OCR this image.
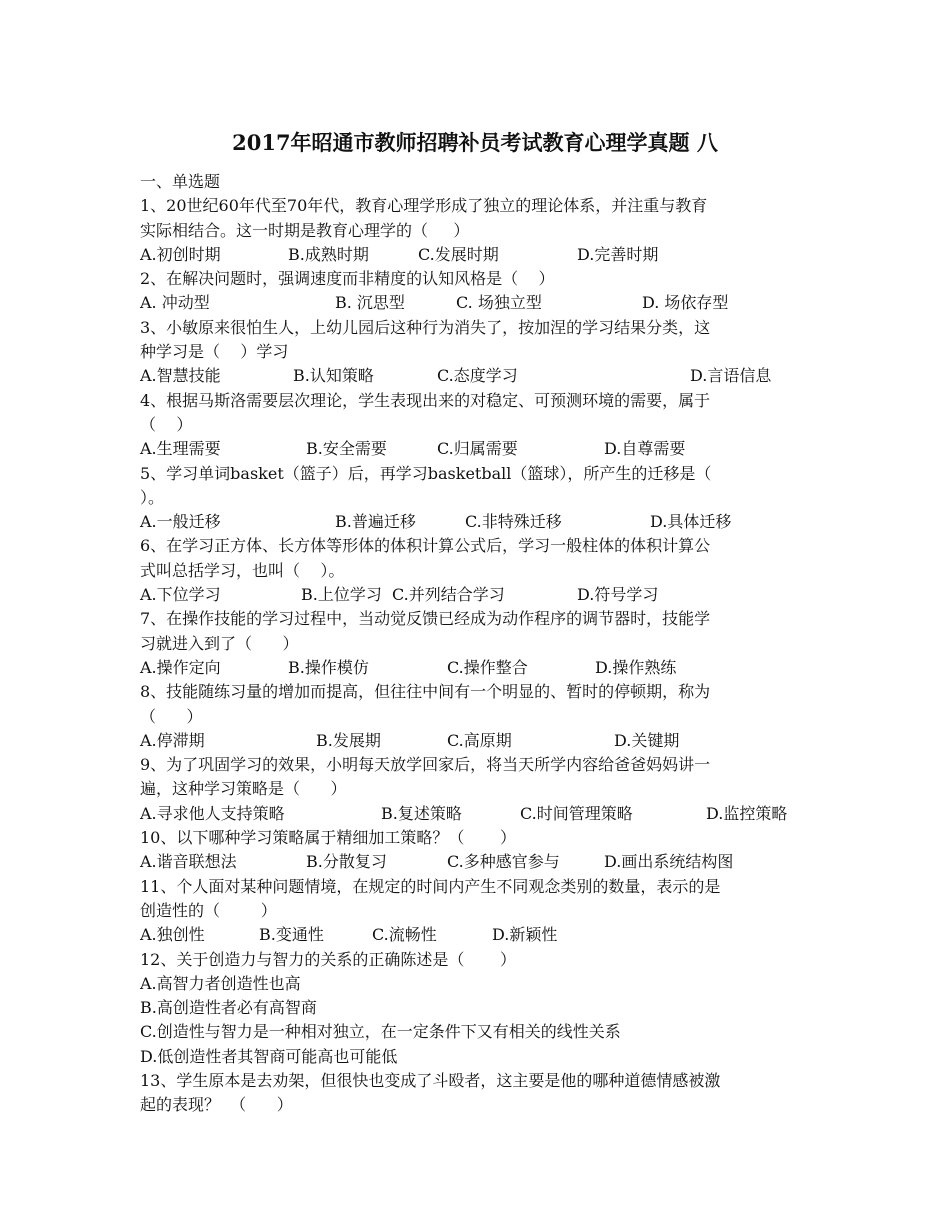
2017年昭通市教师招聘补员考试教育心理学真题 八
一、单选题
1、20世纪60年代至70年代，教育心理学形成了独立的理论体系，并注重与教育
实际相结合。这一时期是教育心理学的（     ）
A.初创时期	B.成熟时期	C.发展时期	D.完善时期
2、在解决问题时，强调速度而非精度的认知风格是（    ）
A. 冲动型	B. 沉思型	C. 场独立型	D. 场依存型
3、小敏原来很怕生人，上幼儿园后这种行为消失了，按加涅的学习结果分类，这
种学习是（    ）学习
A.智慧技能	B.认知策略	C.态度学习	D.言语信息
4、根据马斯洛需要层次理论，学生表现出来的对稳定、可预测环境的需要，属于
（    ）
A.生理需要	B.安全需要	C.归属需要	D.自尊需要
5、学习单词basket（篮子）后，再学习basketball（篮球），所产生的迁移是（
）。
A.一般迁移	B.普遍迁移	C.非特殊迁移	D.具体迁移
6、在学习正方体、长方体等形体的体积计算公式后，学习一般柱体的体积计算公
式叫总括学习，也叫（    ）。
A.下位学习	B.上位学习 C.并列结合学习	D.符号学习
7、在操作技能的学习过程中，当动觉反馈已经成为动作程序的调节器时，技能学
习就进入到了（      ）
A.操作定向	B.操作模仿	C.操作整合	D.操作熟练
8、技能随练习量的增加而提高，但往往中间有一个明显的、暂时的停顿期，称为
（      ）
A.停滞期	B.发展期	C.高原期	D.关键期
9、为了巩固学习的效果，小明每天放学回家后，将当天所学内容给爸爸妈妈讲一
遍，这种学习策略是（      ）
A.寻求他人支持策略	B.复述策略	C.时间管理策略	D.监控策略
10、以下哪种学习策略属于精细加工策略？（       ）
A.谐音联想法	B.分散复习	C.多种感官参与	D.画出系统结构图
11、个人面对某种问题情境，在规定的时间内产生不同观念类别的数量，表示的是
创造性的（        ）
A.独创性	B.变通性	C.流畅性	D.新颖性
12、关于创造力与智力的关系的正确陈述是（       ）
A.高智力者创造性也高
B.高创造性者必有高智商
C.创造性与智力是一种相对独立，在一定条件下又有相关的线性关系
D.低创造性者其智商可能高也可能低
13、学生原本是去劝架，但很快也变成了斗殴者，这主要是他的哪种道德情感被激
起的表现？  （      ）
